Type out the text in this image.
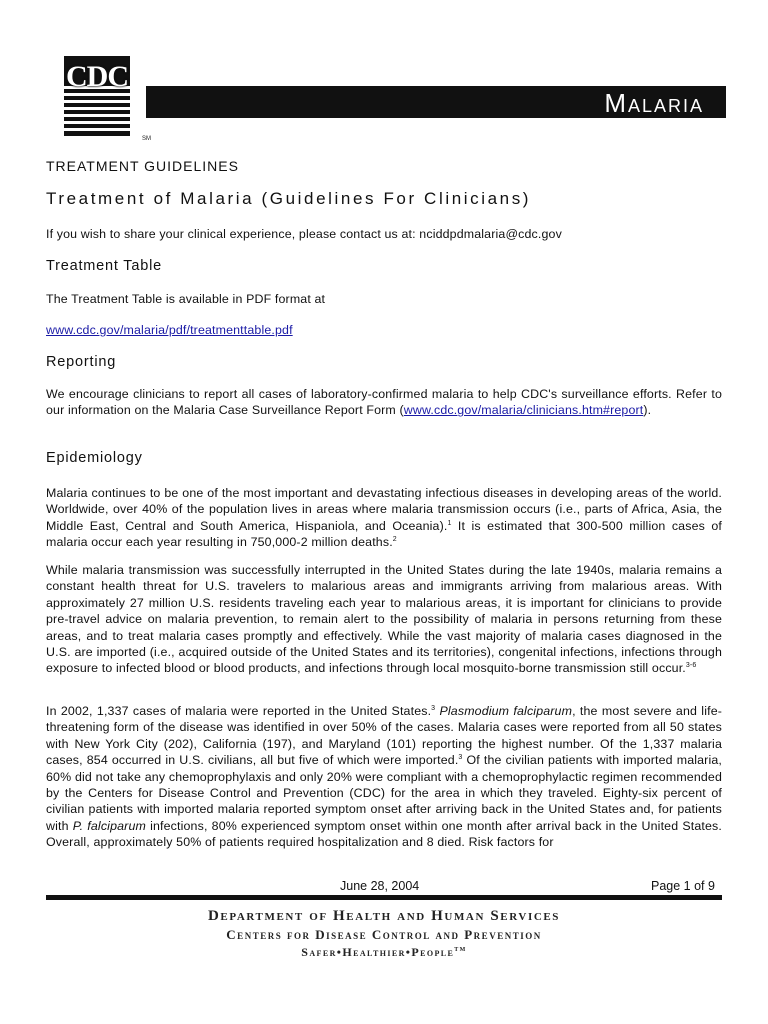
CDC
SM
Malaria
TREATMENT GUIDELINES
Treatment of Malaria (Guidelines For Clinicians)
If you wish to share your clinical experience, please contact us at: nciddpdmalaria@cdc.gov
Treatment Table
The Treatment Table is available in PDF format at
www.cdc.gov/malaria/pdf/treatmenttable.pdf
Reporting
We encourage clinicians to report all cases of laboratory-confirmed malaria to help CDC's surveillance efforts. Refer to our information on the Malaria Case Surveillance Report Form (www.cdc.gov/malaria/clinicians.htm#report).
Epidemiology
Malaria continues to be one of the most important and devastating infectious diseases in developing areas of the world. Worldwide, over 40% of the population lives in areas where malaria transmission occurs (i.e., parts of Africa, Asia, the Middle East, Central and South America, Hispaniola, and Oceania).$^1$ It is estimated that 300-500 million cases of malaria occur each year resulting in 750,000-2 million deaths.$^2$
While malaria transmission was successfully interrupted in the United States during the late 1940s, malaria remains a constant health threat for U.S. travelers to malarious areas and immigrants arriving from malarious areas. With approximately 27 million U.S. residents traveling each year to malarious areas, it is important for clinicians to provide pre-travel advice on malaria prevention, to remain alert to the possibility of malaria in persons returning from these areas, and to treat malaria cases promptly and effectively. While the vast majority of malaria cases diagnosed in the U.S. are imported (i.e., acquired outside of the United States and its territories), congenital infections, infections through exposure to infected blood or blood products, and infections through local mosquito-borne transmission still occur.$^{3-6}$
In 2002, 1,337 cases of malaria were reported in the United States.$^3$ Plasmodium falciparum, the most severe and life-threatening form of the disease was identified in over 50% of the cases. Malaria cases were reported from all 50 states with New York City (202), California (197), and Maryland (101) reporting the highest number. Of the 1,337 malaria cases, 854 occurred in U.S. civilians, all but five of which were imported.$^3$ Of the civilian patients with imported malaria, 60% did not take any chemoprophylaxis and only 20% were compliant with a chemoprophylactic regimen recommended by the Centers for Disease Control and Prevention (CDC) for the area in which they traveled. Eighty-six percent of civilian patients with imported malaria reported symptom onset after arriving back in the United States and, for patients with P. falciparum infections, 80% experienced symptom onset within one month after arrival back in the United States. Overall, approximately 50% of patients required hospitalization and 8 died. Risk factors for
June 28, 2004	Page 1 of 9
Department of Health and Human Services
Centers for Disease Control and Prevention
Safer•Healthier•People™
